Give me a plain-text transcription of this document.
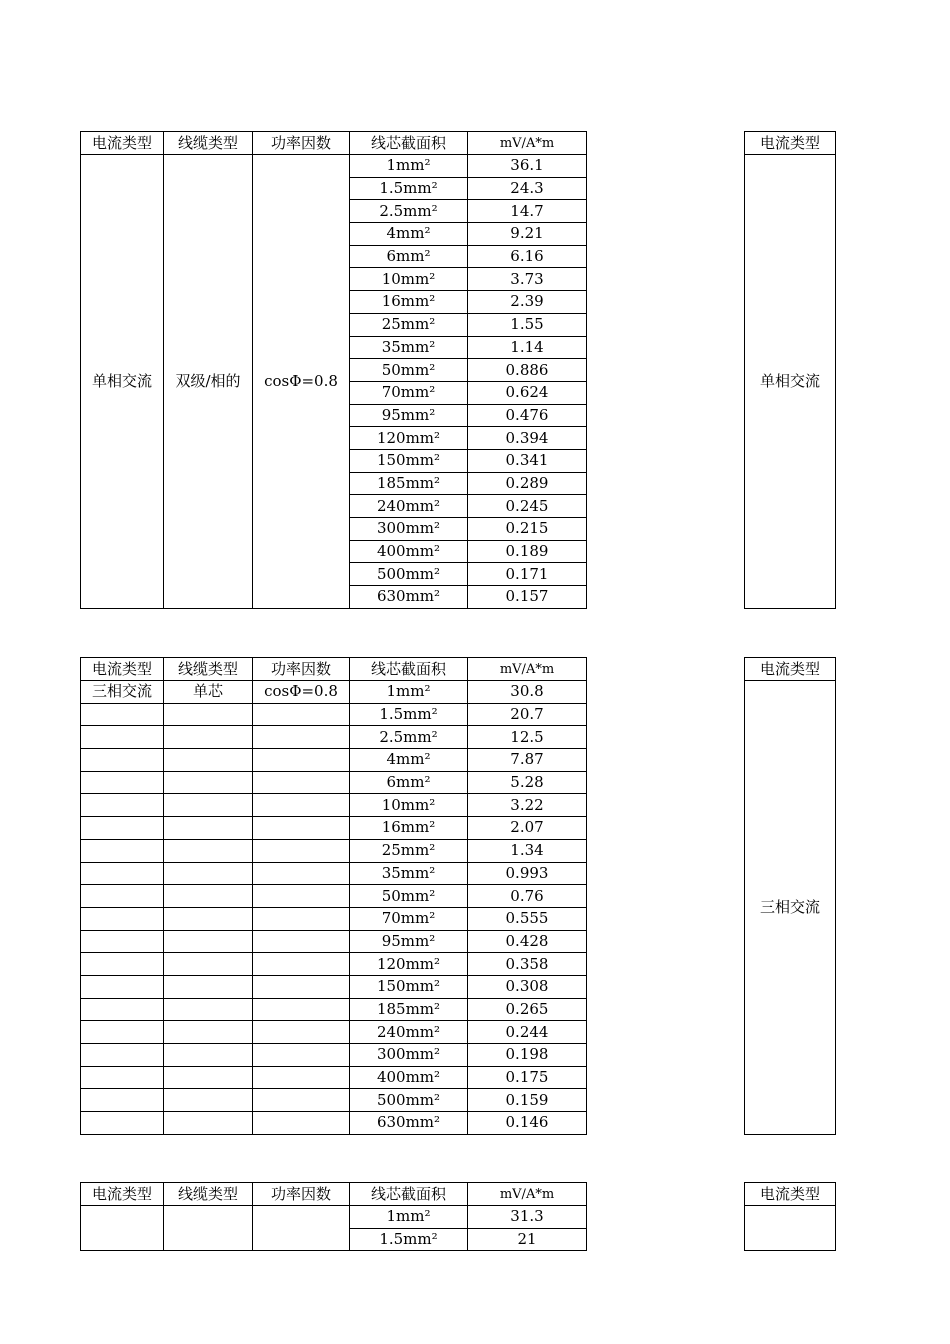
电流类型	线缆类型	功率因数	线芯截面积	mV/A*m
单相交流	双级/相的	cosΦ=0.8	1mm²	36.1
			1.5mm²	24.3
			2.5mm²	14.7
			4mm²	9.21
			6mm²	6.16
			10mm²	3.73
			16mm²	2.39
			25mm²	1.55
			35mm²	1.14
			50mm²	0.886
			70mm²	0.624
			95mm²	0.476
			120mm²	0.394
			150mm²	0.341
			185mm²	0.289
			240mm²	0.245
			300mm²	0.215
			400mm²	0.189
			500mm²	0.171
			630mm²	0.157
电流类型
单相交流
电流类型	线缆类型	功率因数	线芯截面积	mV/A*m
三相交流	单芯	cosΦ=0.8	1mm²	30.8
			1.5mm²	20.7
			2.5mm²	12.5
			4mm²	7.87
			6mm²	5.28
			10mm²	3.22
			16mm²	2.07
			25mm²	1.34
			35mm²	0.993
			50mm²	0.76
			70mm²	0.555
			95mm²	0.428
			120mm²	0.358
			150mm²	0.308
			185mm²	0.265
			240mm²	0.244
			300mm²	0.198
			400mm²	0.175
			500mm²	0.159
			630mm²	0.146
电流类型
三相交流
电流类型	线缆类型	功率因数	线芯截面积	mV/A*m
			1mm²	31.3
			1.5mm²	21
电流类型
